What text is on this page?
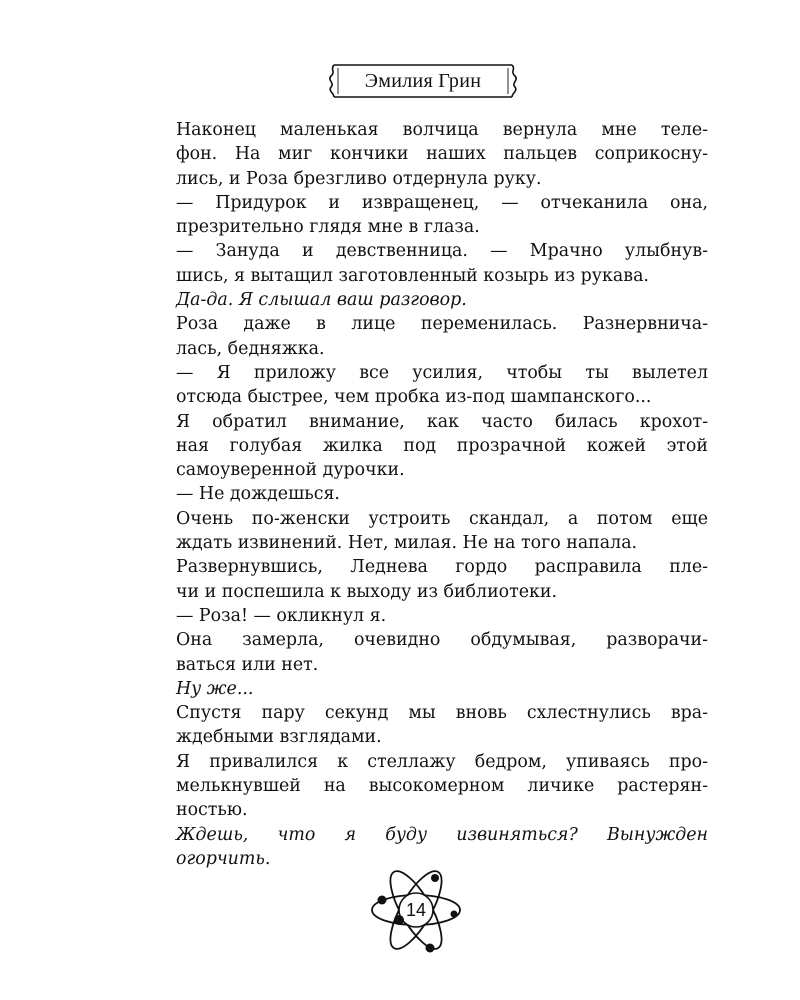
Эмилия Грин
Наконец маленькая волчица вернула мне теле-
фон. На миг кончики наших пальцев соприкосну-
лись, и Роза брезгливо отдернула руку.
— Придурок и извращенец, — отчеканила она,
презрительно глядя мне в глаза.
— Зануда и девственница. — Мрачно улыбнув-
шись, я вытащил заготовленный козырь из рукава.
Да-да. Я слышал ваш разговор.
Роза даже в лице переменилась. Разнервнича-
лась, бедняжка.
— Я приложу все усилия, чтобы ты вылетел
отсюда быстрее, чем пробка из-под шампанского...
Я обратил внимание, как часто билась крохот-
ная голубая жилка под прозрачной кожей этой
самоуверенной дурочки.
— Не дождешься.
Очень по-женски устроить скандал, а потом еще
ждать извинений. Нет, милая. Не на того напала.
Развернувшись, Леднева гордо расправила пле-
чи и поспешила к выходу из библиотеки.
— Роза! — окликнул я.
Она замерла, очевидно обдумывая, разворачи-
ваться или нет.
Ну же...
Спустя пару секунд мы вновь схлестнулись вра-
ждебными взглядами.
Я привалился к стеллажу бедром, упиваясь про-
мелькнувшей на высокомерном личике растерян-
ностью.
Ждешь, что я буду извиняться? Вынужден
огорчить.
14
